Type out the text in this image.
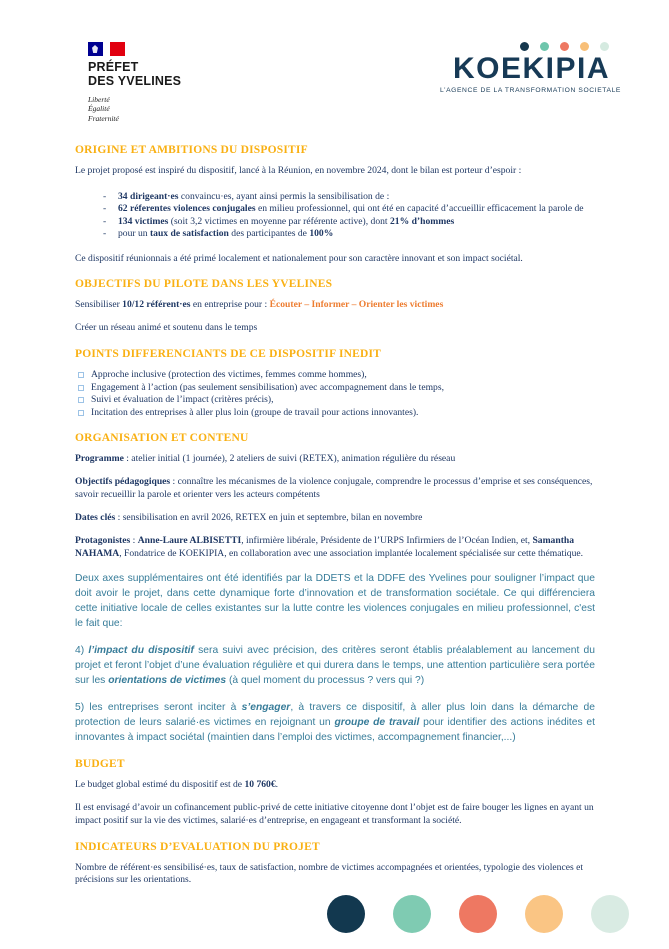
PRÉFET
DES YVELINES
Liberté
Égalité
Fraternité
KOEKIPIA
L’AGENCE DE LA TRANSFORMATION SOCIETALE
ORIGINE ET AMBITIONS DU DISPOSITIF

Le projet proposé est inspiré du dispositif, lancé à la Réunion, en novembre 2024, dont le bilan est porteur d’espoir :

-	34 dirigeant·es convaincu·es, ayant ainsi permis la sensibilisation de :
-	62 réferentes violences conjugales en milieu professionnel, qui ont été en capacité d’accueillir efficacement la parole de
-	134 victimes (soit 3,2 victimes en moyenne par référente active), dont 21% d’hommes
-	pour un taux de satisfaction des participantes de 100%

Ce dispositif réunionnais a été primé localement et nationalement pour son caractère innovant et son impact sociétal.

OBJECTIFS DU PILOTE DANS LES YVELINES

Sensibiliser 10/12 référent·es en entreprise pour : Écouter – Informer – Orienter les victimes

Créer un réseau animé et soutenu dans le temps

POINTS DIFFERENCIANTS DE CE DISPOSITIF INEDIT
Approche inclusive (protection des victimes, femmes comme hommes),
Engagement à l’action (pas seulement sensibilisation) avec accompagnement dans le temps,
Suivi et évaluation de l’impact (critères précis),
Incitation des entreprises à aller plus loin (groupe de travail pour actions innovantes).
ORGANISATION ET CONTENU

Programme : atelier initial (1 journée), 2 ateliers de suivi (RETEX), animation régulière du réseau

Objectifs pédagogiques : connaître les mécanismes de la violence conjugale, comprendre le processus d’emprise et ses conséquences, savoir recueillir la parole et orienter vers les acteurs compétents

Dates clés : sensibilisation en avril 2026, RETEX en juin et septembre, bilan en novembre

Protagonistes : Anne-Laure ALBISETTI, infirmière libérale, Présidente de l’URPS Infirmiers de l’Océan Indien, et, Samantha NAHAMA, Fondatrice de KOEKIPIA, en collaboration avec une association implantée localement spécialisée sur cette thématique.

Deux axes supplémentaires ont été identifiés par la DDETS et la DDFE des Yvelines pour souligner l’impact que doit avoir le projet, dans cette dynamique forte d’innovation et de transformation sociétale. Ce qui différenciera cette initiative locale de celles existantes sur la lutte contre les violences conjugales en milieu professionnel, c'est le fait que:

4) l’impact du dispositif sera suivi avec précision, des critères seront établis préalablement au lancement du projet et feront l’objet d’une évaluation régulière et qui durera dans le temps, une attention particulière sera portée sur les orientations de victimes (à quel moment du processus ? vers qui ?)

5) les entreprises seront inciter à s’engager, à travers ce dispositif, à aller plus loin dans la démarche de protection de leurs salarié·es victimes en rejoignant un groupe de travail pour identifier des actions inédites et innovantes à impact sociétal (maintien dans l’emploi des victimes, accompagnement financier,...)

BUDGET

Le budget global estimé du dispositif est de 10 760€.

Il est envisagé d’avoir un cofinancement public-privé de cette initiative citoyenne dont l’objet est de faire bouger les lignes en ayant un impact positif sur la vie des victimes, salarié·es d’entreprise, en engageant et transformant la société.

INDICATEURS D’EVALUATION DU PROJET

Nombre de référent·es sensibilisé·es, taux de satisfaction, nombre de victimes accompagnées et orientées, typologie des violences et précisions sur les orientations.
